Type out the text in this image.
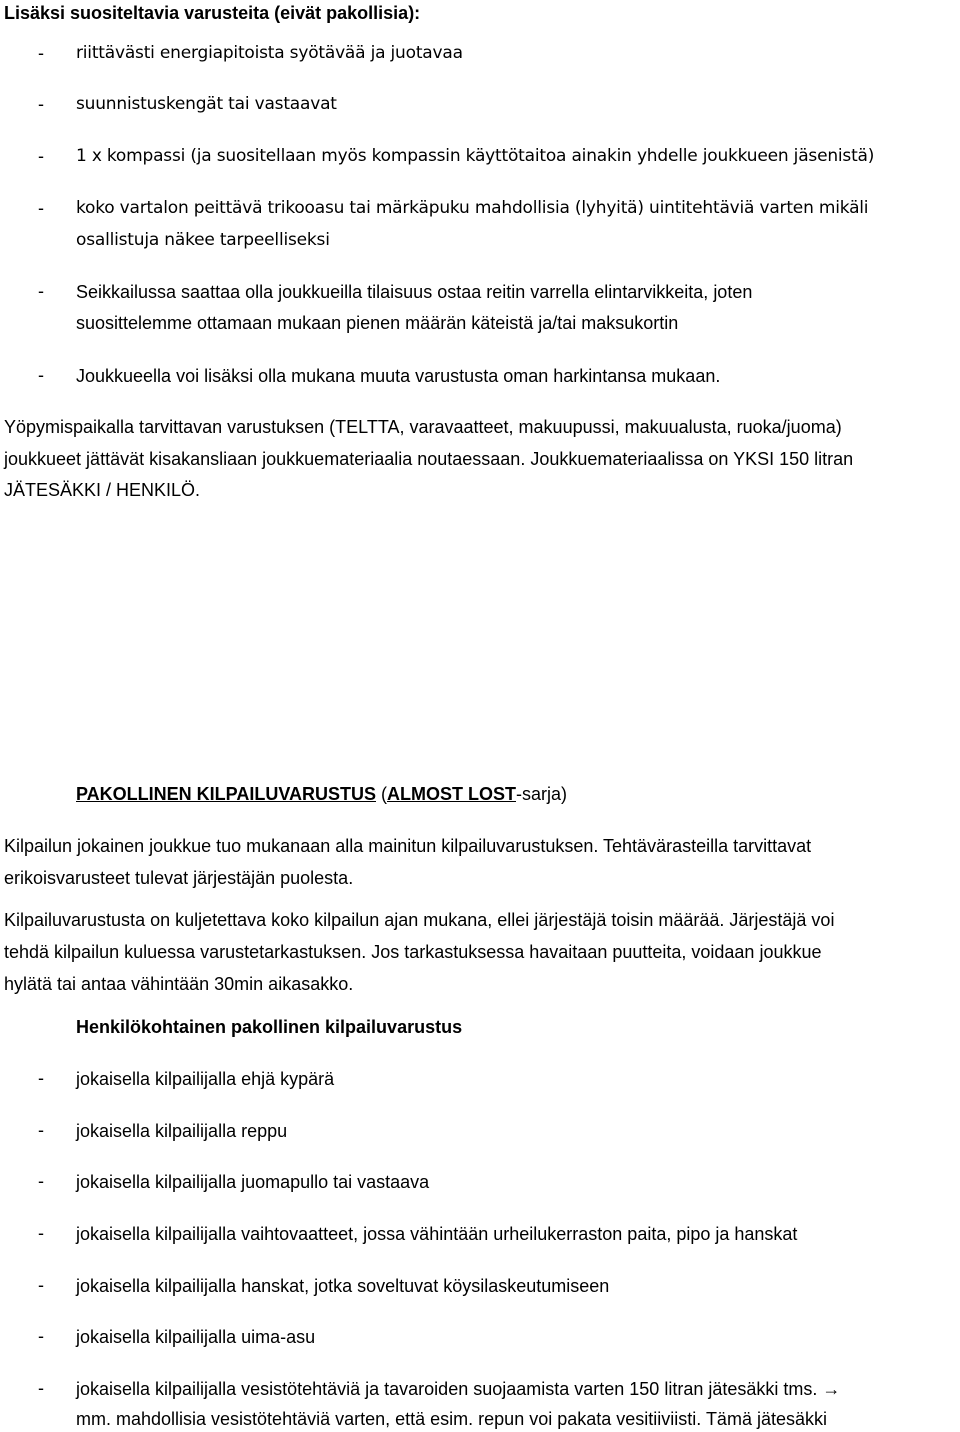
Lisäksi suositeltavia varusteita (eivät pakollisia):
- riittävästi energiapitoista syötävää ja juotavaa
- suunnistuskengät tai vastaavat
- 1 x kompassi (ja suositellaan myös kompassin käyttötaitoa ainakin yhdelle joukkueen jäsenistä)
- koko vartalon peittävä trikooasu tai märkäpuku mahdollisia (lyhyitä) uintitehtäviä varten mikäli
osallistuja näkee tarpeelliseksi
- Seikkailussa saattaa olla joukkueilla tilaisuus ostaa reitin varrella elintarvikkeita, joten
suosittelemme ottamaan mukaan pienen määrän käteistä ja/tai maksukortin
- Joukkueella voi lisäksi olla mukana muuta varustusta oman harkintansa mukaan.
Yöpymispaikalla tarvittavan varustuksen (TELTTA, varavaatteet, makuupussi, makuualusta, ruoka/juoma)
joukkueet jättävät kisakansliaan joukkuemateriaalia noutaessaan. Joukkuemateriaalissa on YKSI 150 litran
JÄTESÄKKI / HENKILÖ.
PAKOLLINEN KILPAILUVARUSTUS (ALMOST LOST-sarja)
Kilpailun jokainen joukkue tuo mukanaan alla mainitun kilpailuvarustuksen. Tehtävärasteilla tarvittavat
erikoisvarusteet tulevat järjestäjän puolesta.
Kilpailuvarustusta on kuljetettava koko kilpailun ajan mukana, ellei järjestäjä toisin määrää. Järjestäjä voi
tehdä kilpailun kuluessa varustetarkastuksen. Jos tarkastuksessa havaitaan puutteita, voidaan joukkue
hylätä tai antaa vähintään 30min aikasakko.
Henkilökohtainen pakollinen kilpailuvarustus
- jokaisella kilpailijalla ehjä kypärä
- jokaisella kilpailijalla reppu
- jokaisella kilpailijalla juomapullo tai vastaava
- jokaisella kilpailijalla vaihtovaatteet, jossa vähintään urheilukerraston paita, pipo ja hanskat
- jokaisella kilpailijalla hanskat, jotka soveltuvat köysilaskeutumiseen
- jokaisella kilpailijalla uima-asu
- jokaisella kilpailijalla vesistötehtäviä ja tavaroiden suojaamista varten 150 litran jätesäkki tms. →
mm. mahdollisia vesistötehtäviä varten, että esim. repun voi pakata vesitiiviisti. Tämä jätesäkki
